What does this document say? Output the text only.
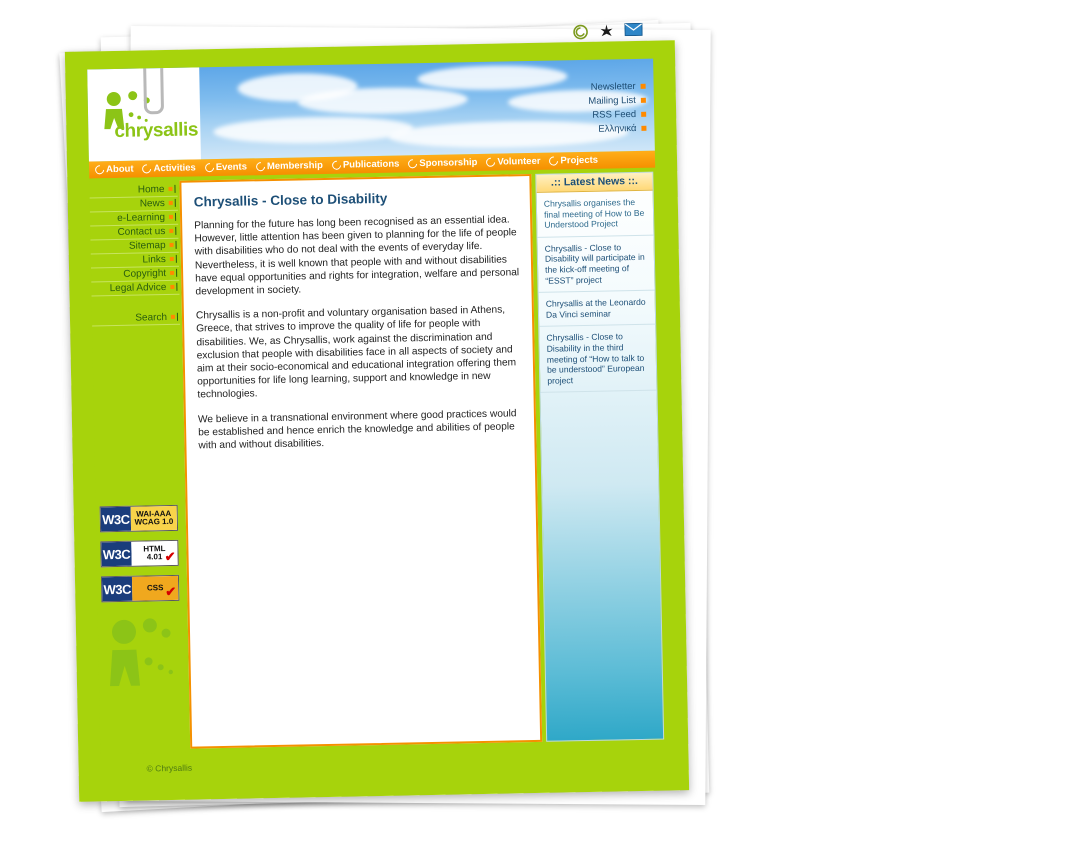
chrysallis
Newsletter
Mailing List
RSS Feed
Ελληνικά
About Activities Events Membership Publications Sponsorship Volunteer Projects
Home
News
e-Learning
Contact us
Sitemap
Links
Copyright
Legal Advice
Search
W3C WAI-AAA
WCAG 1.0
W3C HTML
4.01 ✔
W3C CSS ✔
Chrysallis - Close to Disability

Planning for the future has long been recognised as an essential idea. However, little attention has been given to planning for the life of people with disabilities who do not deal with the events of everyday life. Nevertheless, it is well known that people with and without disabilities have equal opportunities and rights for integration, welfare and personal development in society.

Chrysallis is a non-profit and voluntary organisation based in Athens, Greece, that strives to improve the quality of life for people with disabilities. We, as Chrysallis, work against the discrimination and exclusion that people with disabilities face in all aspects of society and aim at their socio-economical and educational integration offering them opportunities for life long learning, support and knowledge in new technologies.

We believe in a transnational environment where good practices would be established and hence enrich the knowledge and abilities of people with and without disabilities.

.:: Latest News ::.
Chrysallis organises the final meeting of How to Be Understood Project
Chrysallis - Close to Disability will participate in the kick-off meeting of “ESST” project
Chrysallis at the Leonardo Da Vinci seminar
Chrysallis - Close to Disability in the third meeting of “How to talk to be understood” European project
© Chrysallis
